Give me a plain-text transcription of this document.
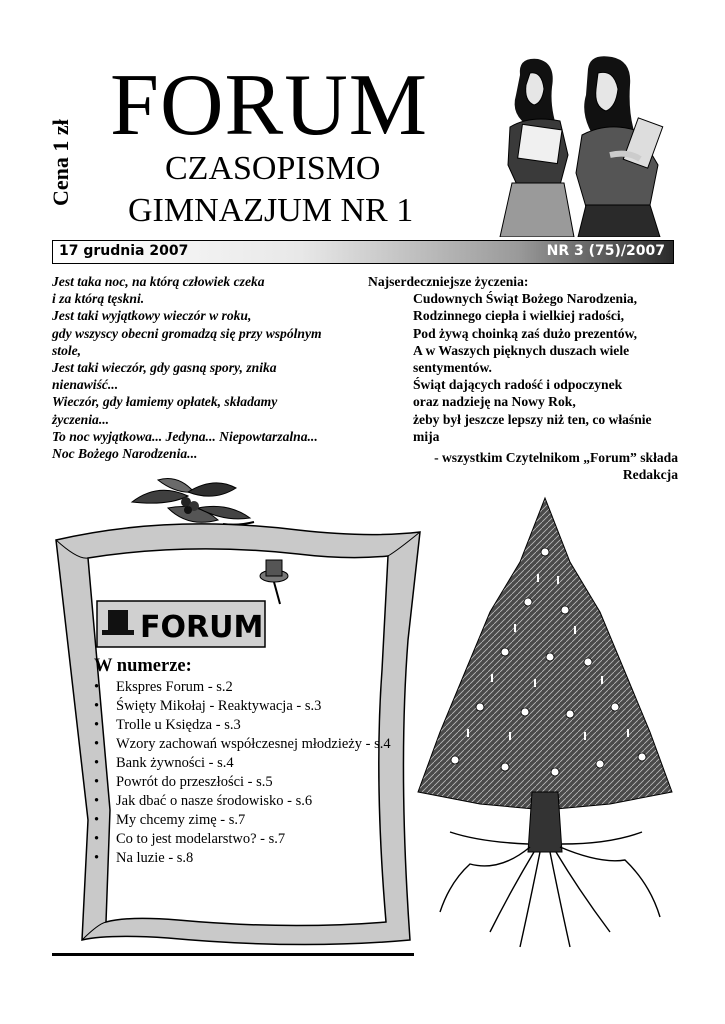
Cena 1 zł
FORUM
CZASOPISMO
GIMNAZJUM NR 1
17 grudnia 2007	NR 3 (75)/2007
Jest taka noc, na którą człowiek czeka
i za którą tęskni.
Jest taki wyjątkowy wieczór w roku,
gdy wszyscy obecni gromadzą się przy wspólnym
stole,
Jest taki wieczór, gdy gasną spory, znika
nienawiść...
Wieczór, gdy łamiemy opłatek, składamy
życzenia...
To noc wyjątkowa... Jedyna... Niepowtarzalna...
Noc Bożego Narodzenia...
Najserdeczniejsze życzenia:
Cudownych Świąt Bożego Narodzenia,
Rodzinnego ciepła i wielkiej radości,
Pod żywą choinką zaś dużo prezentów,
A w Waszych pięknych duszach wiele
sentymentów.
Świąt dających radość i odpoczynek
oraz nadzieję na Nowy Rok,
żeby był jeszcze lepszy niż ten, co właśnie
mija
- wszystkim Czytelnikom „Forum” składa
Redakcja
FORUM
W numerze:
• Ekspres Forum - s.2
• Święty Mikołaj - Reaktywacja - s.3
• Trolle u Księdza - s.3
• Wzory zachowań współczesnej młodzieży - s.4
• Bank żywności - s.4
• Powrót do przeszłości - s.5
• Jak dbać o nasze środowisko - s.6
• My chcemy zimę - s.7
• Co to jest modelarstwo? - s.7
• Na luzie - s.8
